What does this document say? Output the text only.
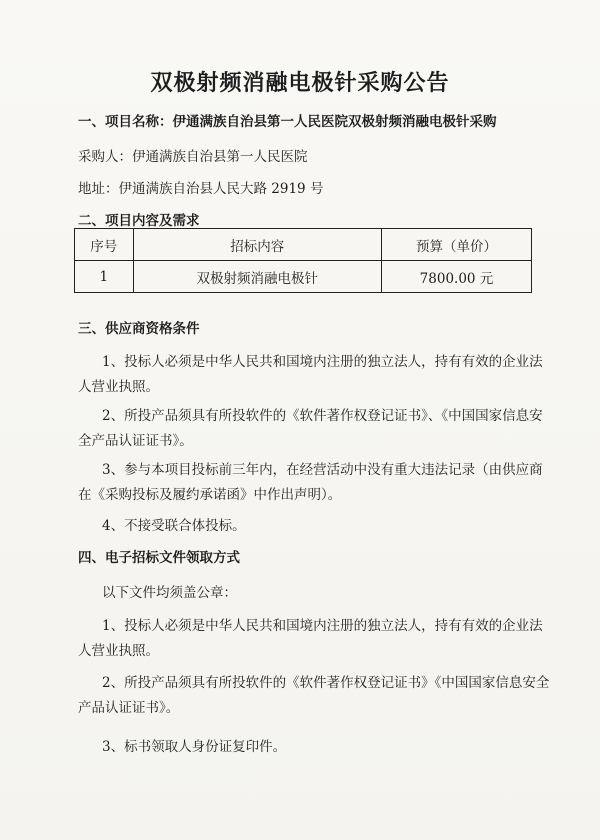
双极射频消融电极针采购公告
一、项目名称：伊通满族自治县第一人民医院双极射频消融电极针采购
采购人：伊通满族自治县第一人民医院
地址：伊通满族自治县人民大路 2919 号
二、项目内容及需求
序号	招标内容	预算（单价）
1	双极射频消融电极针	7800.00 元
三、供应商资格条件
1、投标人必须是中华人民共和国境内注册的独立法人，持有有效的企业法
人营业执照。
2、所投产品须具有所投软件的《软件著作权登记证书》、《中国国家信息安
全产品认证证书》。
3、参与本项目投标前三年内，在经营活动中没有重大违法记录（由供应商
在《采购投标及履约承诺函》中作出声明）。
4、不接受联合体投标。
四、电子招标文件领取方式
以下文件均须盖公章：
1、投标人必须是中华人民共和国境内注册的独立法人，持有有效的企业法
人营业执照。
2、所投产品须具有所投软件的《软件著作权登记证书》《中国国家信息安全
产品认证证书》。
3、标书领取人身份证复印件。
